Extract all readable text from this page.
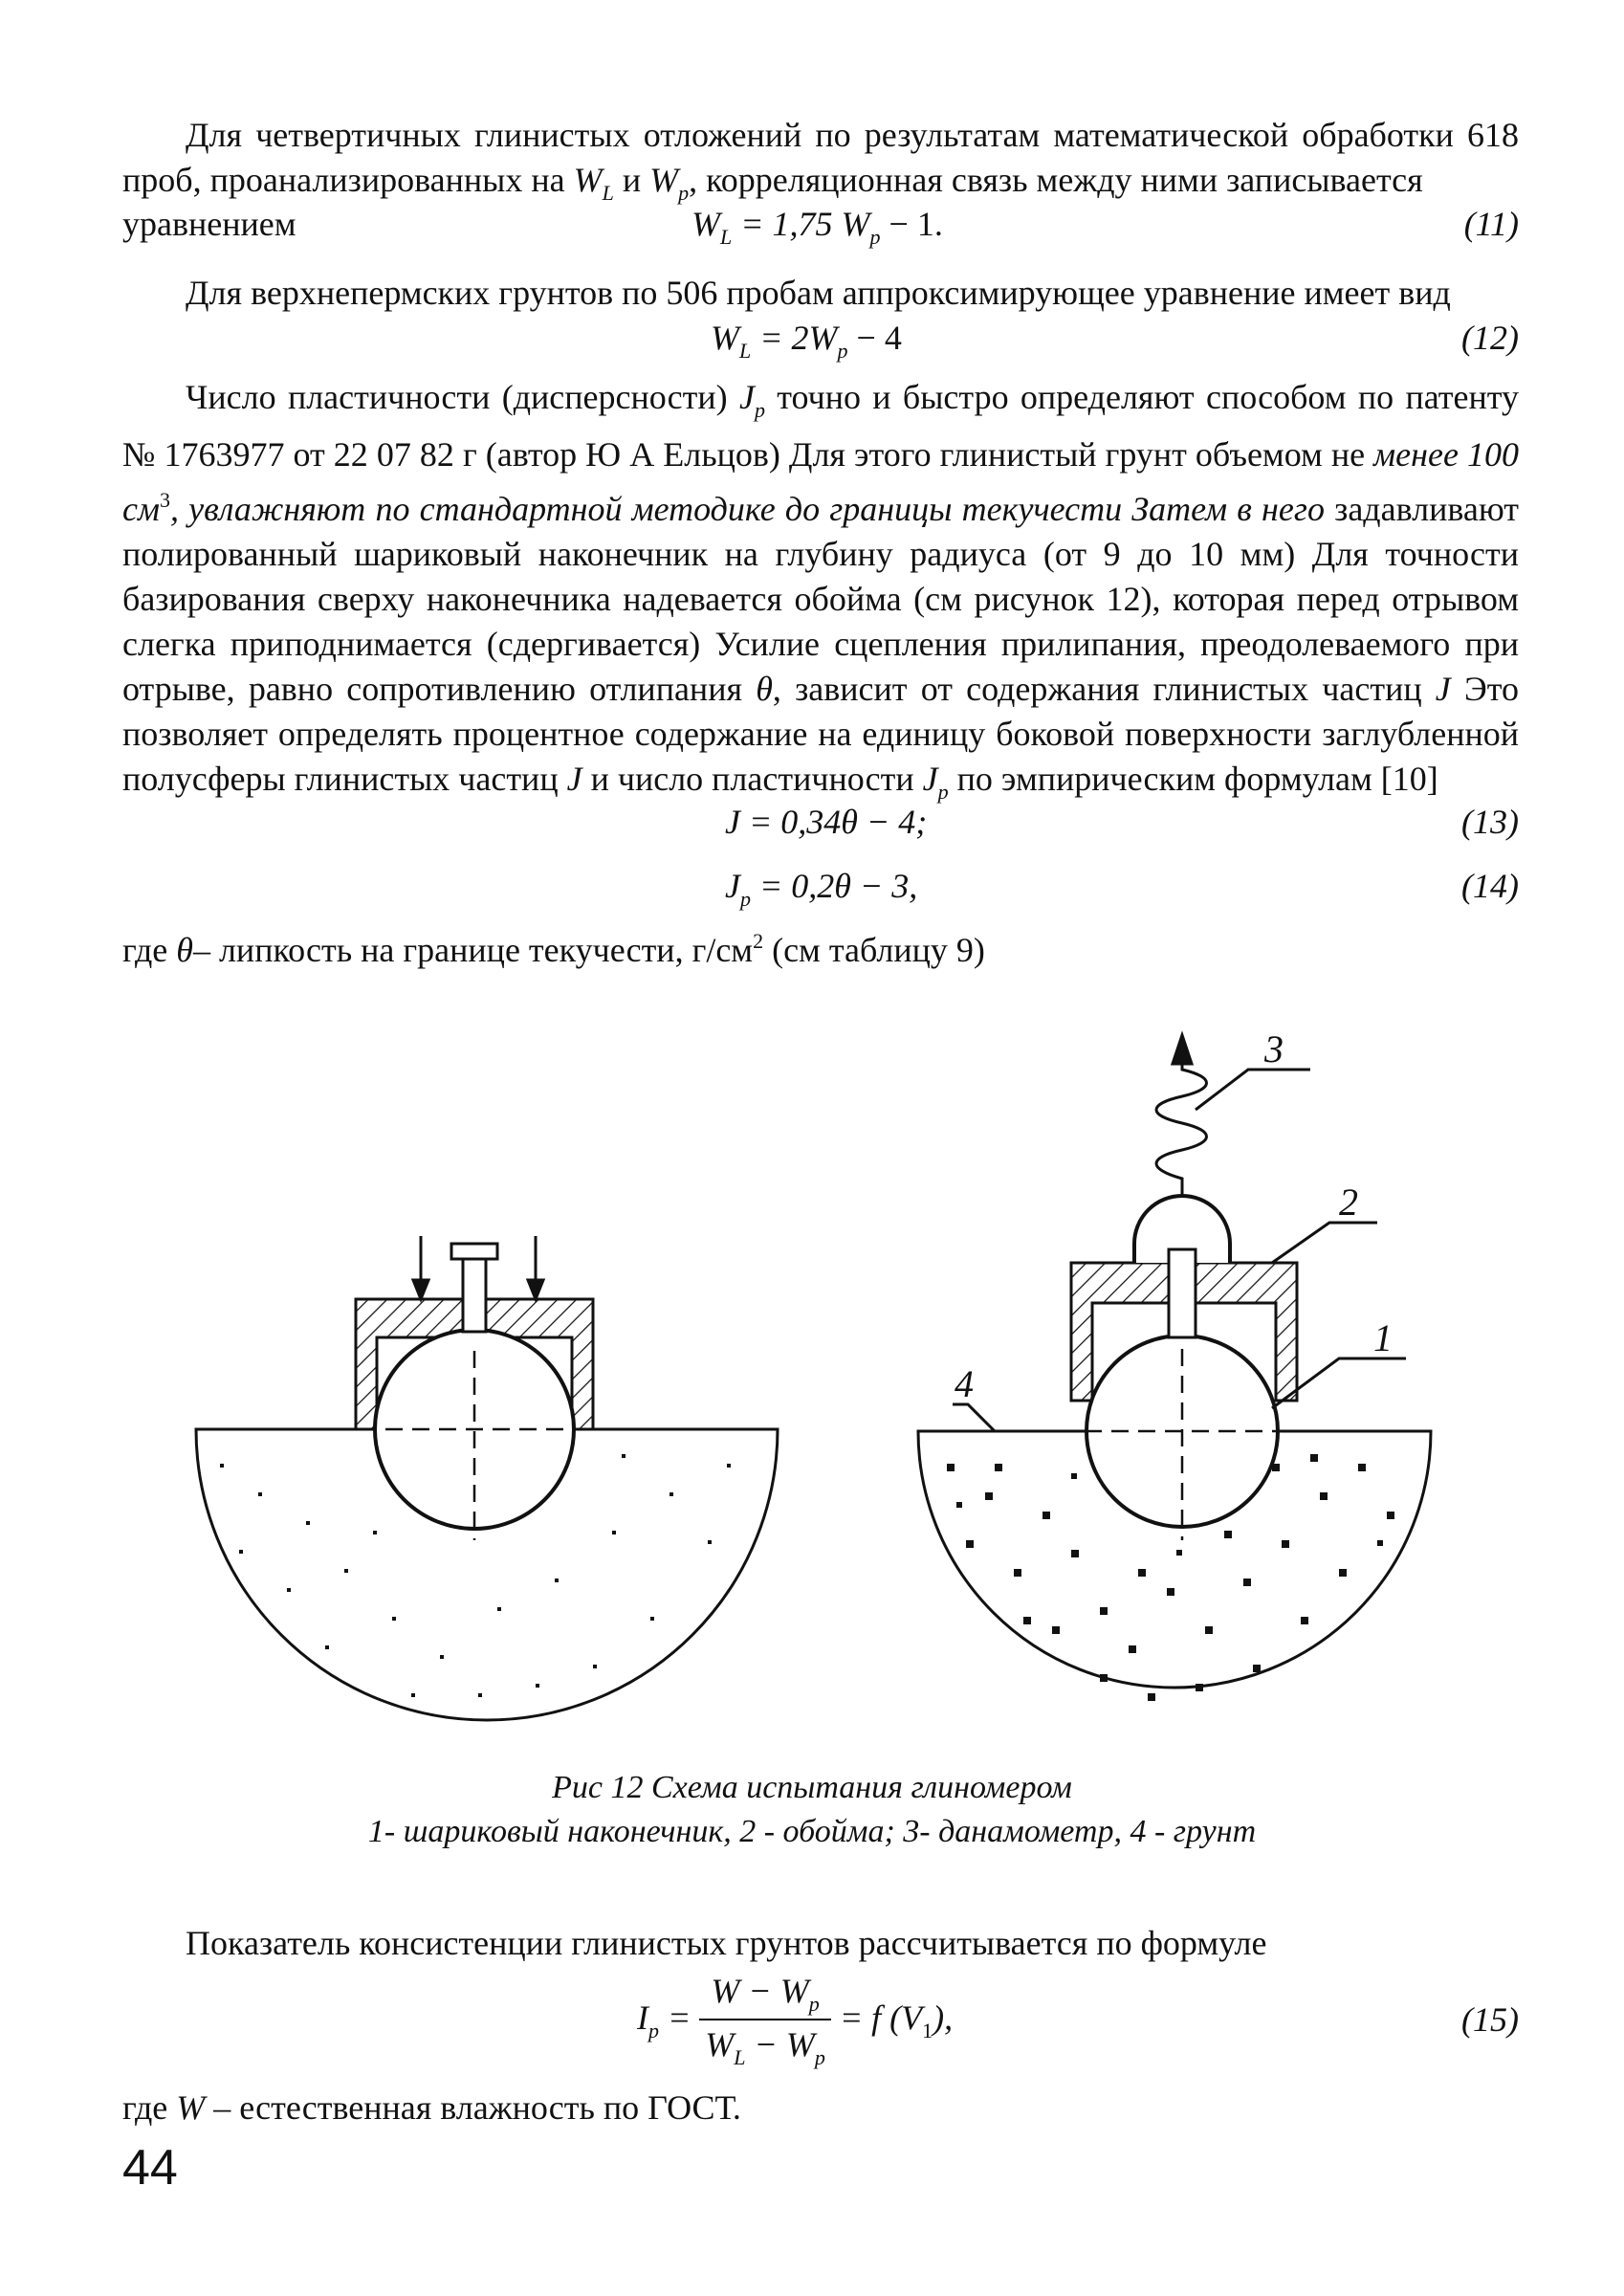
Для четвертичных глинистых отложений по результатам математической обработки 618 проб, проанализированных на $W_L$ и $W_p$, корреляционная связь между ними записывается

уравнением	$W_L = 1,75$ $W_p - 1$.	(11)

Для верхнепермских грунтов по 506 пробам аппроксимирующее уравнение имеет вид

$W_L = 2W_p - 4$	(12)

Число пластичности (дисперсности) $J_p$ точно и быстро определяют способом по патенту № 1763977 от 22 07 82 г (автор Ю А Ельцов) Для этого глинистый грунт объемом не менее 100 $см^3$, увлажняют по стандартной методике до границы текучести Затем в него задавливают полированный шариковый наконечник на глубину радиуса (от 9 до 10 мм) Для точности базирования сверху наконечника надевается обойма (см рисунок 12), которая перед отрывом слегка приподнимается (сдергивается) Усилие сцепления прилипания, преодолеваемого при отрыве, равно сопротивлению отлипания θ, зависит от содержания глинистых частиц J Это позволяет определять процентное содержание на единицу боковой поверхности заглубленной полусферы глинистых частиц J и число пластичности $J_p$ по эмпирическим формулам [10]

J = 0,34θ − 4;	(13)
$J_p = 0,2\theta - 3$,	(14)

где θ– липкость на границе текучести, $г/см^2$ (см таблицу 9)

3
2
1
4
Рис 12 Схема испытания глиномером
1- шариковый наконечник, 2 - обойма; 3- данамометр, 4 - грунт

Показатель консистенции глинистых грунтов рассчитывается по формуле

$I_p = \frac{W - W_p}{W_L - W_p} = f$ $(V_1)$,	(15)

где W – естественная влажность по ГОСТ.

44
